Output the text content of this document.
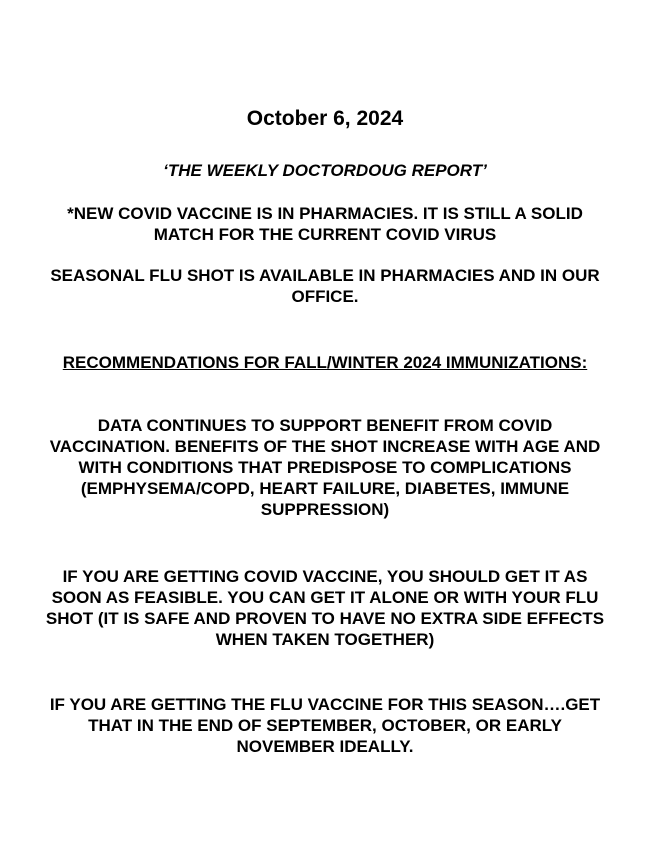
October 6, 2024

‘THE WEEKLY DOCTORDOUG REPORT’

*NEW COVID VACCINE IS IN PHARMACIES. IT IS STILL A SOLID MATCH FOR THE CURRENT COVID VIRUS

SEASONAL FLU SHOT IS AVAILABLE IN PHARMACIES AND IN OUR OFFICE.

RECOMMENDATIONS FOR FALL/WINTER 2024 IMMUNIZATIONS:

DATA CONTINUES TO SUPPORT BENEFIT FROM COVID VACCINATION. BENEFITS OF THE SHOT INCREASE WITH AGE AND WITH CONDITIONS THAT PREDISPOSE TO COMPLICATIONS (EMPHYSEMA/COPD, HEART FAILURE, DIABETES, IMMUNE SUPPRESSION)

IF YOU ARE GETTING COVID VACCINE, YOU SHOULD GET IT AS SOON AS FEASIBLE. YOU CAN GET IT ALONE OR WITH YOUR FLU SHOT (IT IS SAFE AND PROVEN TO HAVE NO EXTRA SIDE EFFECTS WHEN TAKEN TOGETHER)

IF YOU ARE GETTING THE FLU VACCINE FOR THIS SEASON….GET THAT IN THE END OF SEPTEMBER, OCTOBER, OR EARLY NOVEMBER IDEALLY.
